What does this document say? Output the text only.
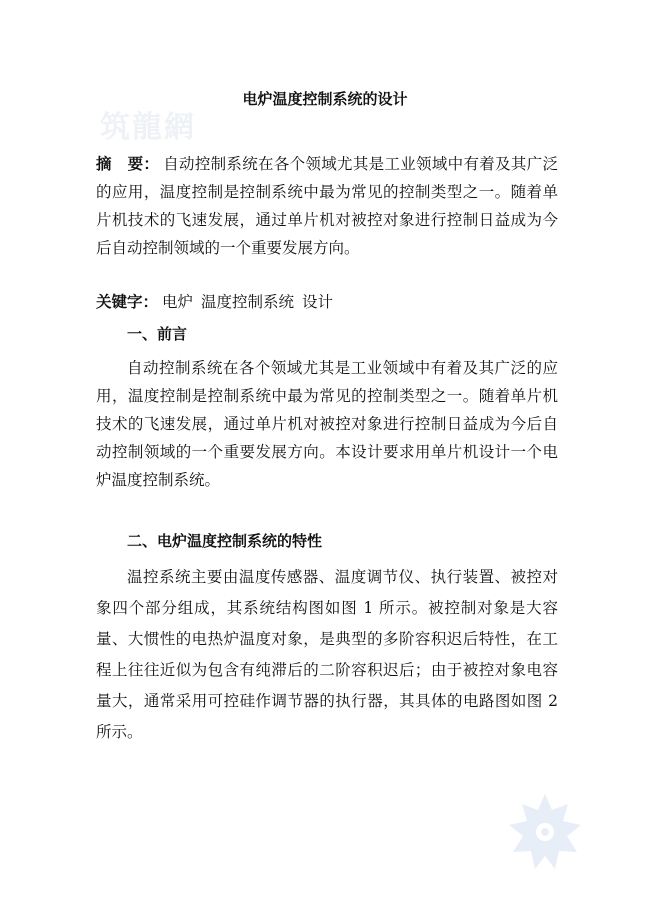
筑龍網
电炉温度控制系统的设计

摘　要： 自动控制系统在各个领域尤其是工业领域中有着及其广泛的应用，温度控制是控制系统中最为常见的控制类型之一。随着单片机技术的飞速发展，通过单片机对被控对象进行控制日益成为今后自动控制领域的一个重要发展方向。

关键字： 电炉 温度控制系统 设计
一、前言

自动控制系统在各个领域尤其是工业领域中有着及其广泛的应用，温度控制是控制系统中最为常见的控制类型之一。随着单片机技术的飞速发展，通过单片机对被控对象进行控制日益成为今后自动控制领域的一个重要发展方向。本设计要求用单片机设计一个电炉温度控制系统。

二、电炉温度控制系统的特性

温控系统主要由温度传感器、温度调节仪、执行装置、被控对象四个部分组成，其系统结构图如图 1 所示。被控制对象是大容量、大惯性的电热炉温度对象，是典型的多阶容积迟后特性，在工程上往往近似为包含有纯滞后的二阶容积迟后；由于被控对象电容量大，通常采用可控硅作调节器的执行器，其具体的电路图如图 2 所示。
